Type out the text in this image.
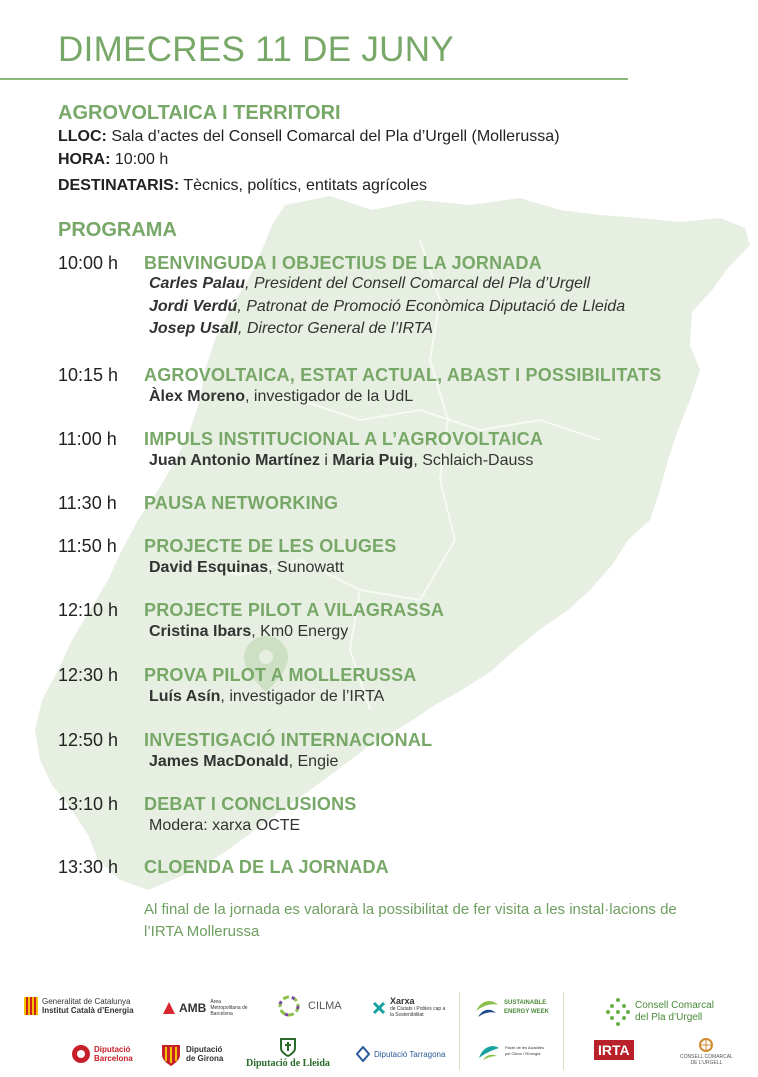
DIMECRES 11 DE JUNY
AGROVOLTAICA I TERRITORI
LLOC: Sala d’actes del Consell Comarcal del Pla d’Urgell (Mollerussa)
HORA: 10:00 h
DESTINATARIS: Tècnics, polítics, entitats agrícoles
PROGRAMA
10:00 h BENVINGUDA I OBJECTIUS DE LA JORNADA
Carles Palau, President del Consell Comarcal del Pla d’Urgell
Jordi Verdú, Patronat de Promoció Econòmica Diputació de Lleida
Josep Usall, Director General de l’IRTA
10:15 h AGROVOLTAICA, ESTAT ACTUAL, ABAST I POSSIBILITATS
Àlex Moreno, investigador de la UdL
11:00 h IMPULS INSTITUCIONAL A L’AGROVOLTAICA
Juan Antonio Martínez i Maria Puig, Schlaich-Dauss
11:30 h PAUSA NETWORKING
11:50 h PROJECTE DE LES OLUGES
David Esquinas, Sunowatt
12:10 h PROJECTE PILOT A VILAGRASSA
Cristina Ibars, Km0 Energy
12:30 h PROVA PILOT A MOLLERUSSA
Luís Asín, investigador de l’IRTA
12:50 h INVESTIGACIÓ INTERNACIONAL
James MacDonald, Engie
13:10 h DEBAT I CONCLUSIONS
Modera: xarxa OCTE
13:30 h CLOENDA DE LA JORNADA
Al final de la jornada es valorarà la possibilitat de fer visita a les instal·lacions de l’IRTA Mollerussa
Generalitat de Catalunya
Institut Català d’Energia	AMB Àrea Metropolitana de Barcelona
CILMA	Xarxa
de Ciutats i Pobles cap a la Sostenibilitat
SUSTAINABLE
ENERGY WEEK
Consell Comarcal
del Pla d’Urgell
Diputació
Barcelona
Diputació
de Girona Diputació de Lleida
Diputació Tarragona
Pacte de les Alcaldies
pel Clima i l’Energia	IRTA	CONSELL COMARCAL
DE L’URGELL
